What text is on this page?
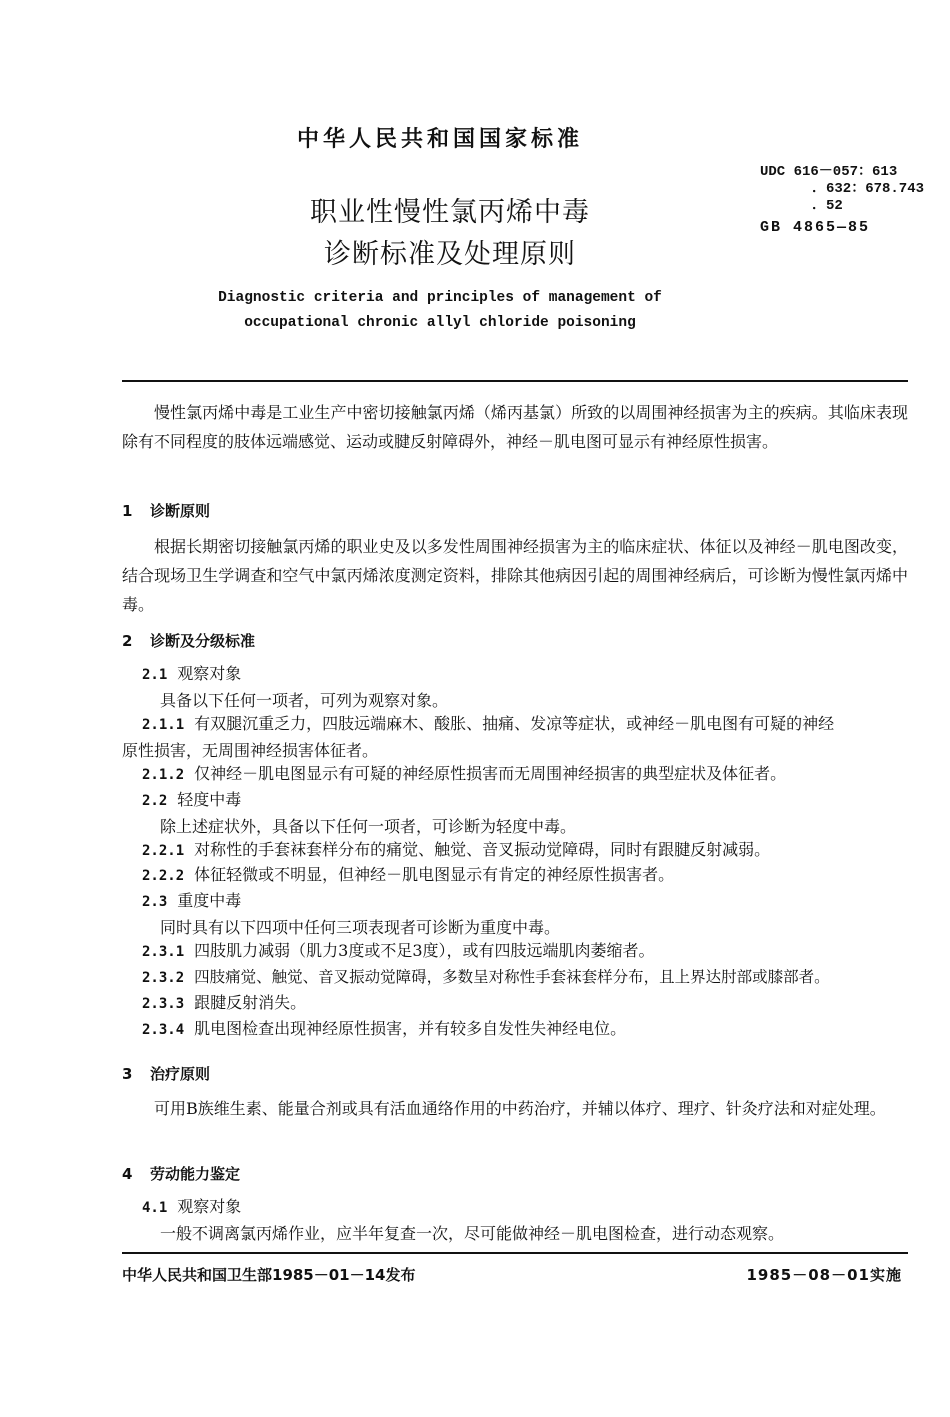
中华人民共和国国家标准
职业性慢性氯丙烯中毒
诊断标准及处理原则
UDC 616－057：613
．632：678.743
．52
GB 4865—85
Diagnostic criteria and principles of management of
occupational chronic allyl chloride poisoning
慢性氯丙烯中毒是工业生产中密切接触氯丙烯（烯丙基氯）所致的以周围神经损害为主的疾病。其临床表现除有不同程度的肢体远端感觉、运动或腱反射障碍外，神经－肌电图可显示有神经原性损害。
1 诊断原则
根据长期密切接触氯丙烯的职业史及以多发性周围神经损害为主的临床症状、体征以及神经－肌电图改变，结合现场卫生学调查和空气中氯丙烯浓度测定资料，排除其他病因引起的周围神经病后，可诊断为慢性氯丙烯中毒。
2 诊断及分级标准
2.1 观察对象
具备以下任何一项者，可列为观察对象。
2.1.1 有双腿沉重乏力，四肢远端麻木、酸胀、抽痛、发凉等症状，或神经－肌电图有可疑的神经
原性损害，无周围神经损害体征者。
2.1.2 仅神经－肌电图显示有可疑的神经原性损害而无周围神经损害的典型症状及体征者。
2.2 轻度中毒
除上述症状外，具备以下任何一项者，可诊断为轻度中毒。
2.2.1 对称性的手套袜套样分布的痛觉、触觉、音叉振动觉障碍，同时有跟腱反射减弱。
2.2.2 体征轻微或不明显，但神经－肌电图显示有肯定的神经原性损害者。
2.3 重度中毒
同时具有以下四项中任何三项表现者可诊断为重度中毒。
2.3.1 四肢肌力减弱（肌力3度或不足3度），或有四肢远端肌肉萎缩者。
2.3.2 四肢痛觉、触觉、音叉振动觉障碍，多数呈对称性手套袜套样分布，且上界达肘部或膝部者。
2.3.3 跟腱反射消失。
2.3.4 肌电图检查出现神经原性损害，并有较多自发性失神经电位。
3 治疗原则
可用B族维生素、能量合剂或具有活血通络作用的中药治疗，并辅以体疗、理疗、针灸疗法和对症处理。
4 劳动能力鉴定
4.1 观察对象
一般不调离氯丙烯作业，应半年复查一次，尽可能做神经－肌电图检查，进行动态观察。
中华人民共和国卫生部1985－01－14发布	1985－08－01实施
